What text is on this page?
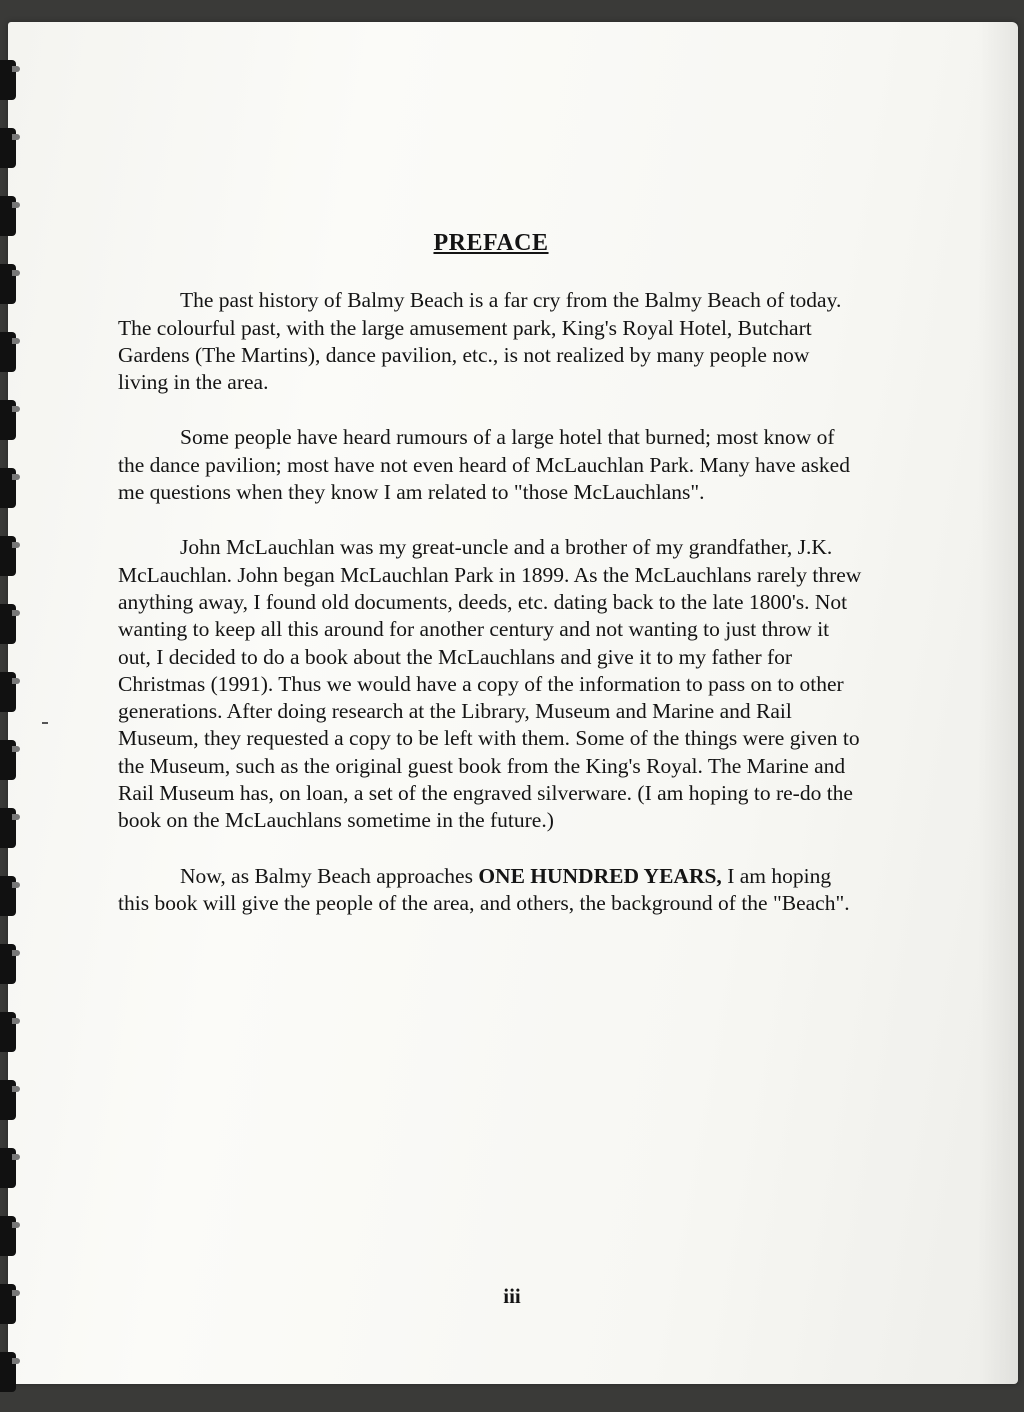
PREFACE

The past history of Balmy Beach is a far cry from the Balmy Beach of today. The colourful past, with the large amusement park, King's Royal Hotel, Butchart Gardens (The Martins), dance pavilion, etc., is not realized by many people now living in the area.

Some people have heard rumours of a large hotel that burned; most know of the dance pavilion; most have not even heard of McLauchlan Park. Many have asked me questions when they know I am related to "those McLauchlans".

John McLauchlan was my great-uncle and a brother of my grandfather, J.K. McLauchlan. John began McLauchlan Park in 1899. As the McLauchlans rarely threw anything away, I found old documents, deeds, etc. dating back to the late 1800's. Not wanting to keep all this around for another century and not wanting to just throw it out, I decided to do a book about the McLauchlans and give it to my father for Christmas (1991). Thus we would have a copy of the information to pass on to other generations. After doing research at the Library, Museum and Marine and Rail Museum, they requested a copy to be left with them. Some of the things were given to the Museum, such as the original guest book from the King's Royal. The Marine and Rail Museum has, on loan, a set of the engraved silverware. (I am hoping to re-do the book on the McLauchlans sometime in the future.)

Now, as Balmy Beach approaches ONE HUNDRED YEARS, I am hoping this book will give the people of the area, and others, the background of the "Beach".

iii
